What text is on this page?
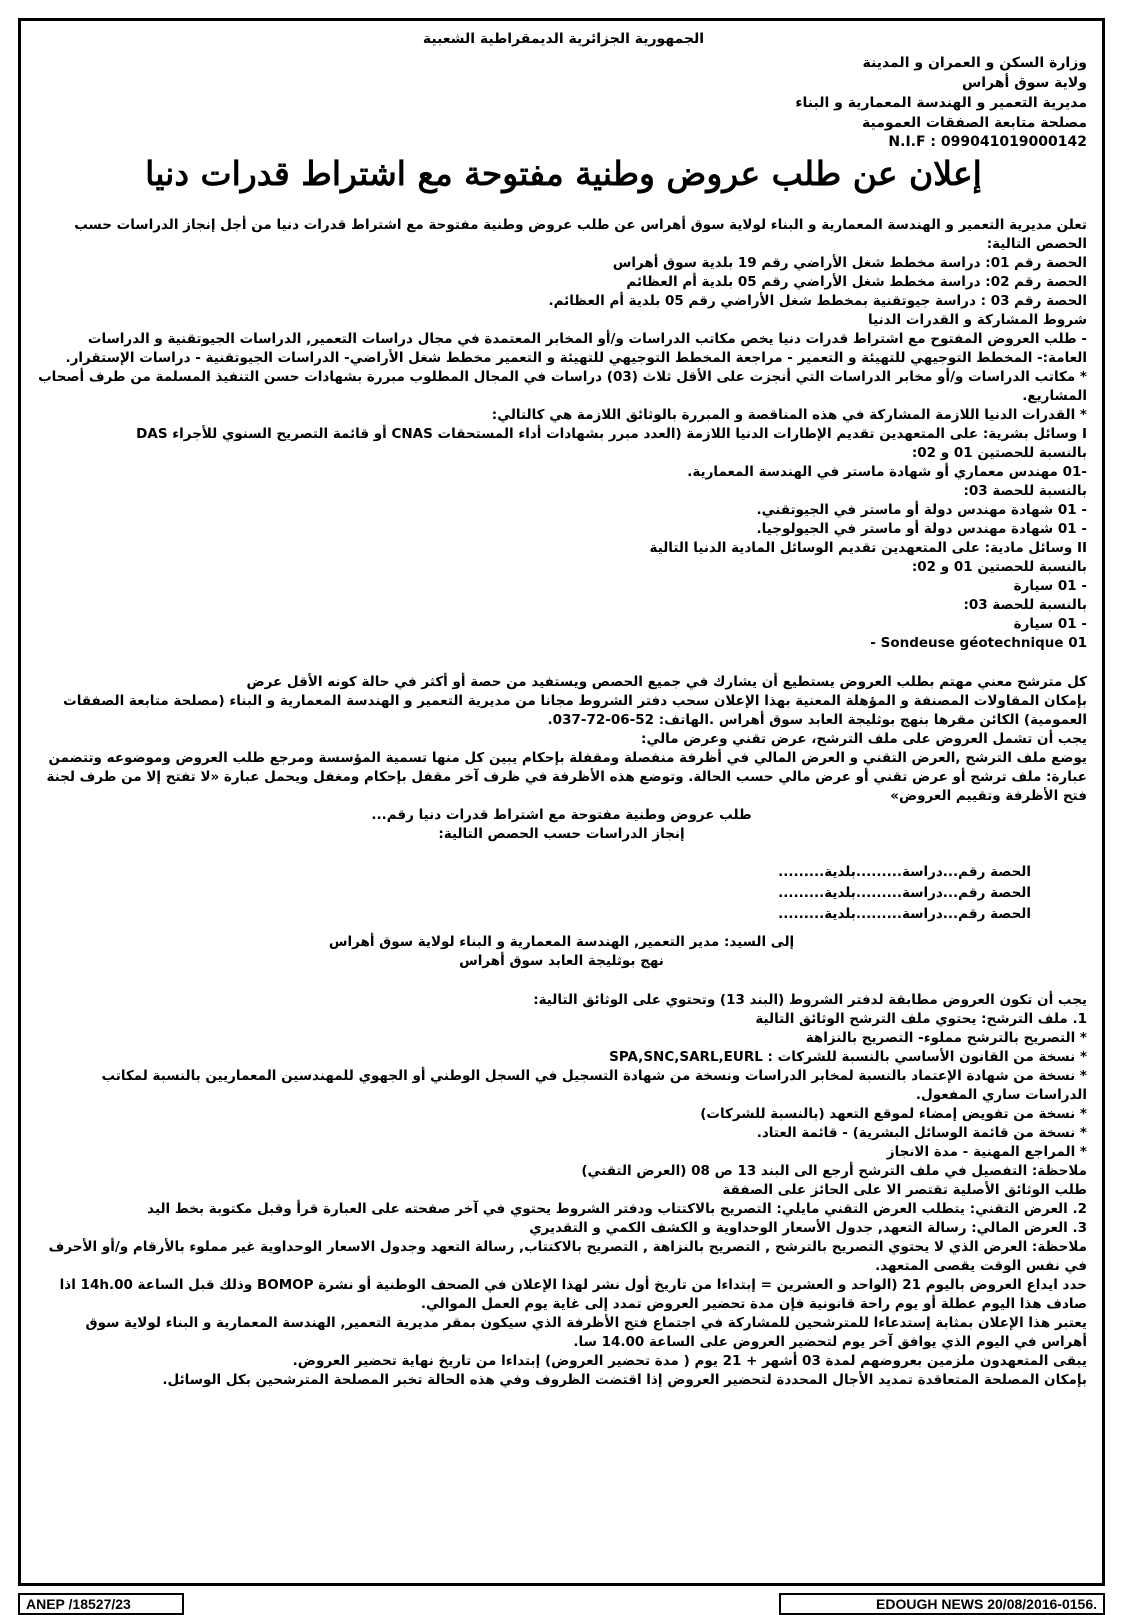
الجمهورية الجزائرية الديمقراطية الشعبية
وزارة السكن و العمران و المدينة
ولاية سوق أهراس
مديرية التعمير و الهندسة المعمارية و البناء
مصلحة متابعة الصفقات العمومية
N.I.F : 099041019000142
إعلان عن طلب عروض وطنية مفتوحة مع اشتراط قدرات دنيا
تعلن مديرية التعمير و الهندسة المعمارية و البناء لولاية سوق أهراس عن طلب عروض وطنية مفتوحة مع اشتراط قدرات دنيا من أجل إنجاز الدراسات حسب الحصص التالية:
الحصة رقم 01: دراسة مخطط شغل الأراضي رقم 19 بلدية سوق أهراس
الحصة رقم 02: دراسة مخطط شغل الأراضي رقم 05 بلدية أم العظائم
الحصة رقم 03 : دراسة جيوتقنية بمخطط شغل الأراضي رقم 05 بلدية أم العظائم.
شروط المشاركة و القدرات الدنيا
- طلب العروض المفتوح مع اشتراط قدرات دنيا يخص مكاتب الدراسات و/أو المخابر المعتمدة في مجال دراسات التعمير, الدراسات الجيوتقنية و الدراسات العامة:- المخطط التوجيهي للتهيئة و التعمير - مراجعة المخطط التوجيهي للتهيئة و التعمير مخطط شغل الأراضي- الدراسات الجيوتقنية - دراسات الإستقرار.
* مكاتب الدراسات و/أو مخابر الدراسات التي أنجزت على الأقل ثلاث (03) دراسات في المجال المطلوب مبررة بشهادات حسن التنفيذ المسلمة من طرف أصحاب المشاريع.
* القدرات الدنيا اللازمة المشاركة في هذه المناقصة و المبررة بالوثائق اللازمة هي كالتالي:
I وسائل بشرية: على المتعهدين تقديم الإطارات الدنيا اللازمة (العدد مبرر بشهادات أداء المستحقات CNAS أو قائمة التصريح السنوي للأجراء DAS
بالنسبة للحصتين 01 و 02:
-01 مهندس معماري أو شهادة ماستر في الهندسة المعمارية.
بالنسبة للحصة 03:
- 01 شهادة مهندس دولة أو ماستر في الجيوتقني.
- 01 شهادة مهندس دولة أو ماستر في الجيولوجيا.
II وسائل مادية: على المتعهدين تقديم الوسائل المادية الدنيا التالية
بالنسبة للحصتين 01 و 02:
- 01 سيارة
بالنسبة للحصة 03:
- 01 سيارة
Sondeuse géotechnique 01 -
كل مترشح معني مهتم بطلب العروض يستطيع أن يشارك في جميع الحصص ويستفيد من حصة أو أكثر في حالة كونه الأقل عرض
بإمكان المقاولات المصنفة و المؤهلة المعنية بهذا الإعلان سحب دفتر الشروط مجانا من مديرية التعمير و الهندسة المعمارية و البناء (مصلحة متابعة الصفقات العمومية) الكائن مقرها بنهج بوثليجة العابد سوق أهراس .الهاتف: 52-06-72-037.
يجب أن تشمل العروض على ملف الترشح، عرض تقني وعرض مالي:
يوضع ملف الترشح ,العرض التقني و العرض المالي في أظرفة منفصلة ومقفلة بإحكام يبين كل منها تسمية المؤسسة ومرجع طلب العروض وموضوعه وتتضمن عبارة: ملف ترشح أو عرض تقني أو عرض مالي حسب الحالة. وتوضع هذه الأظرفة في ظرف آخر مقفل بإحكام ومغفل ويحمل عبارة «لا تفتح إلا من طرف لجنة فتح الأظرفة وتقييم العروض»
طلب عروض وطنية مفتوحة مع اشتراط قدرات دنيا رقم...
إنجاز الدراسات حسب الحصص التالية:
الحصة رقم...دراسة.........بلدية.........
الحصة رقم...دراسة.........بلدية.........
الحصة رقم...دراسة.........بلدية.........
إلى السيد: مدير التعمير, الهندسة المعمارية و البناء لولاية سوق أهراس
نهج بوثليجة العابد سوق أهراس
يجب أن تكون العروض مطابقة لدفتر الشروط (البند 13) وتحتوي على الوثائق التالية:
1. ملف الترشح: يحتوي ملف الترشح الوثائق التالية
* التصريح بالترشح مملوء- التصريح بالنزاهة
* نسخة من القانون الأساسي بالنسبة للشركات : SPA,SNC,SARL,EURL
* نسخة من شهادة الإعتماد بالنسبة لمخابر الدراسات ونسخة من شهادة التسجيل في السجل الوطني أو الجهوي للمهندسين المعماريين بالنسبة لمكاتب الدراسات ساري المفعول.
* نسخة من تفويض إمضاء لموقع التعهد (بالنسبة للشركات)
* نسخة من قائمة الوسائل البشرية) - قائمة العتاد.
* المراجع المهنية - مدة الانجاز
ملاحظة: التفصيل في ملف الترشح أرجع الى البند 13 ص 08 (العرض التقني)
طلب الوثائق الأصلية تقتصر الا على الحائز على الصفقة
2. العرض التقني: يتطلب العرض التقني مايلي: التصريح بالاكتتاب ودفتر الشروط يحتوي في آخر صفحته على العبارة قرأ وقبل مكتوبة بخط اليد
3. العرض المالي: رسالة التعهد, جدول الأسعار الوحداوية و الكشف الكمي و التقديري
ملاحظة: العرض الذي لا يحتوي التصريح بالترشح , التصريح بالنزاهة , التصريح بالاكتتاب, رسالة التعهد وجدول الاسعار الوحداوية غير مملوء بالأرقام و/أو الأحرف في نفس الوقت يقصى المتعهد.
حدد ايداع العروض باليوم 21 (الواحد و العشرين = إبتداءا من تاريخ أول نشر لهذا الإعلان في الصحف الوطنية أو نشرة BOMOP وذلك قبل الساعة 14h.00 اذا صادف هذا اليوم عطلة أو يوم راحة قانونية فإن مدة تحضير العروض تمدد إلى غاية يوم العمل الموالي.
يعتبر هذا الإعلان بمثابة إستدعاءا للمترشحين للمشاركة في اجتماع فتح الأظرفة الذي سيكون بمقر مديرية التعمير, الهندسة المعمارية و البناء لولاية سوق أهراس في اليوم الذي يوافق آخر يوم لتحضير العروض على الساعة 14.00 سا.
يبقى المتعهدون ملزمين بعروضهم لمدة 03 أشهر + 21 يوم ( مدة تحضير العروض) إبتداءا من تاريخ نهاية تحضير العروض.
بإمكان المصلحة المتعاقدة تمديد الأجال المحددة لتحضير العروض إذا اقتضت الظروف وفي هذه الحالة تخبر المصلحة المترشحين بكل الوسائل.
ANEP /18527/23	EDOUGH NEWS 20/08/2016-0156.
